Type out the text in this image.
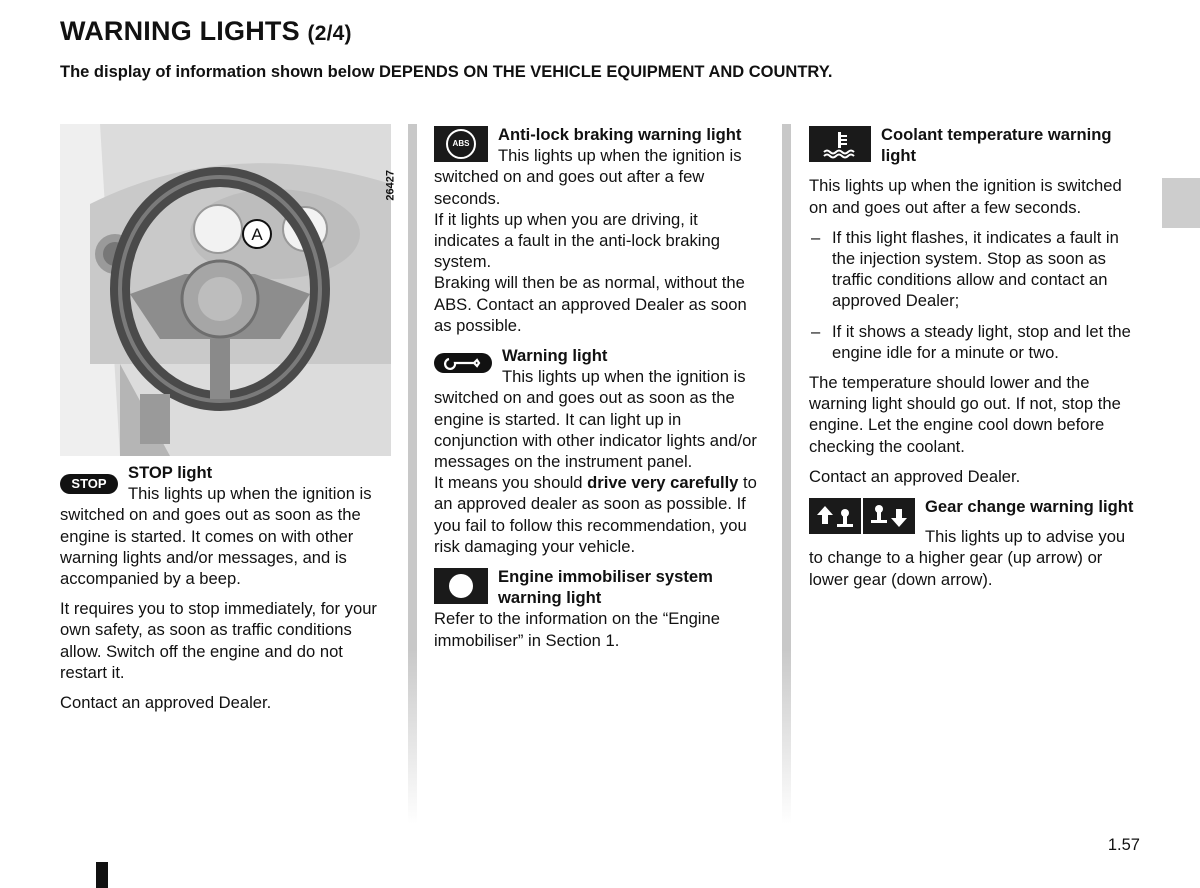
WARNING LIGHTS (2/4)

The display of information shown below DEPENDS ON THE VEHICLE EQUIPMENT AND COUNTRY.

A
26427
STOP
STOP light
This lights up when the ignition is switched on and goes out as soon as the engine is started. It comes on with other warning lights and/or messages, and is accompanied by a beep.

It requires you to stop immediately, for your own safety, as soon as traffic conditions allow. Switch off the engine and do not restart it.

Contact an approved Dealer.

ABS	Anti-lock braking warning light

This lights up when the ignition is switched on and goes out after a few seconds.

If it lights up when you are driving, it indicates a fault in the anti-lock braking system.

Braking will then be as normal, without the ABS. Contact an approved Dealer as soon as possible.

Warning light

This lights up when the ignition is switched on and goes out as soon as the engine is started. It can light up in conjunction with other indicator lights and/or messages on the instrument panel.

It means you should drive very carefully to an approved dealer as soon as possible. If you fail to follow this recommendation, you risk damaging your vehicle.

Engine immobiliser system warning light

Refer to the information on the “Engine immobiliser” in Section 1.

Coolant temperature warning light

This lights up when the ignition is switched on and goes out after a few seconds.

– If this light flashes, it indicates a fault in the injection system. Stop as soon as traffic conditions allow and contact an approved Dealer;
– If it shows a steady light, stop and let the engine idle for a minute or two.

The temperature should lower and the warning light should go out. If not, stop the engine. Let the engine cool down before checking the coolant.

Contact an approved Dealer.

Gear change warning light

This lights up to advise you to change to a higher gear (up arrow) or lower gear (down arrow).

1.57
